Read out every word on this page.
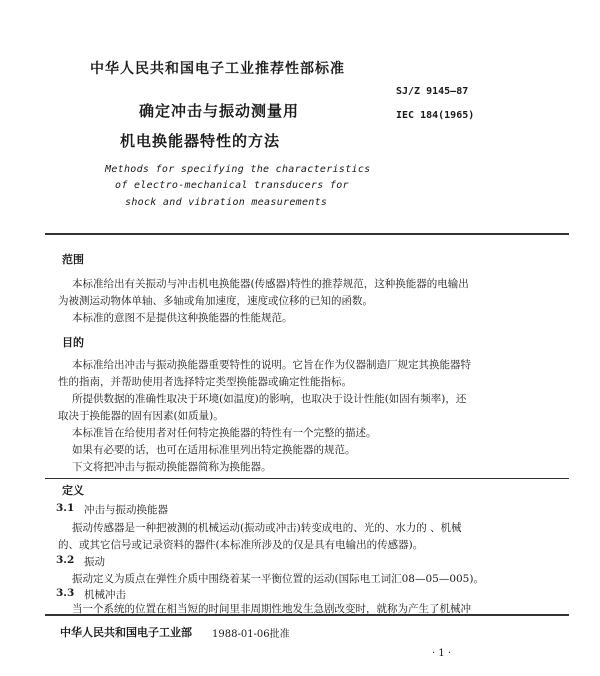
中华人民共和国电子工业推荐性部标准
确定冲击与振动测量用
机电换能器特性的方法
SJ/Z 9145—87
IEC 184(1965)
Methods for specifying the characteristics
of electro-mechanical transducers for
shock and vibration measurements
范围
本标准给出有关振动与冲击机电换能器(传感器)特性的推荐规范，这种换能器的电输出
为被测运动物体单轴、多轴或角加速度，速度或位移的已知的函数。
本标准的意图不是提供这种换能器的性能规范。
目的
本标准给出冲击与振动换能器重要特性的说明。它旨在作为仪器制造厂规定其换能器特
性的指南，并帮助使用者选择特定类型换能器或确定性能指标。
所提供数据的准确性取决于环境(如温度)的影响，也取决于设计性能(如固有频率)，还
取决于换能器的固有因素(如质量)。
本标准旨在给使用者对任何特定换能器的特性有一个完整的描述。
如果有必要的话，也可在适用标准里列出特定换能器的规范。
下文将把冲击与振动换能器简称为换能器。
定义
3.1 冲击与振动换能器
振动传感器是一种把被测的机械运动(振动或冲击)转变成电的、光的、水力的 、机械
的、或其它信号或记录资料的器件(本标准所涉及的仅是具有电输出的传感器)。
3.2 振动
振动定义为质点在弹性介质中围绕着某一平衡位置的运动(国际电工词汇08—05—005)。
3.3 机械冲击
当一个系统的位置在相当短的时间里非周期性地发生急剧改变时，就称为产生了机械冲
中华人民共和国电子工业部 1988-01-06批准
· 1 ·
